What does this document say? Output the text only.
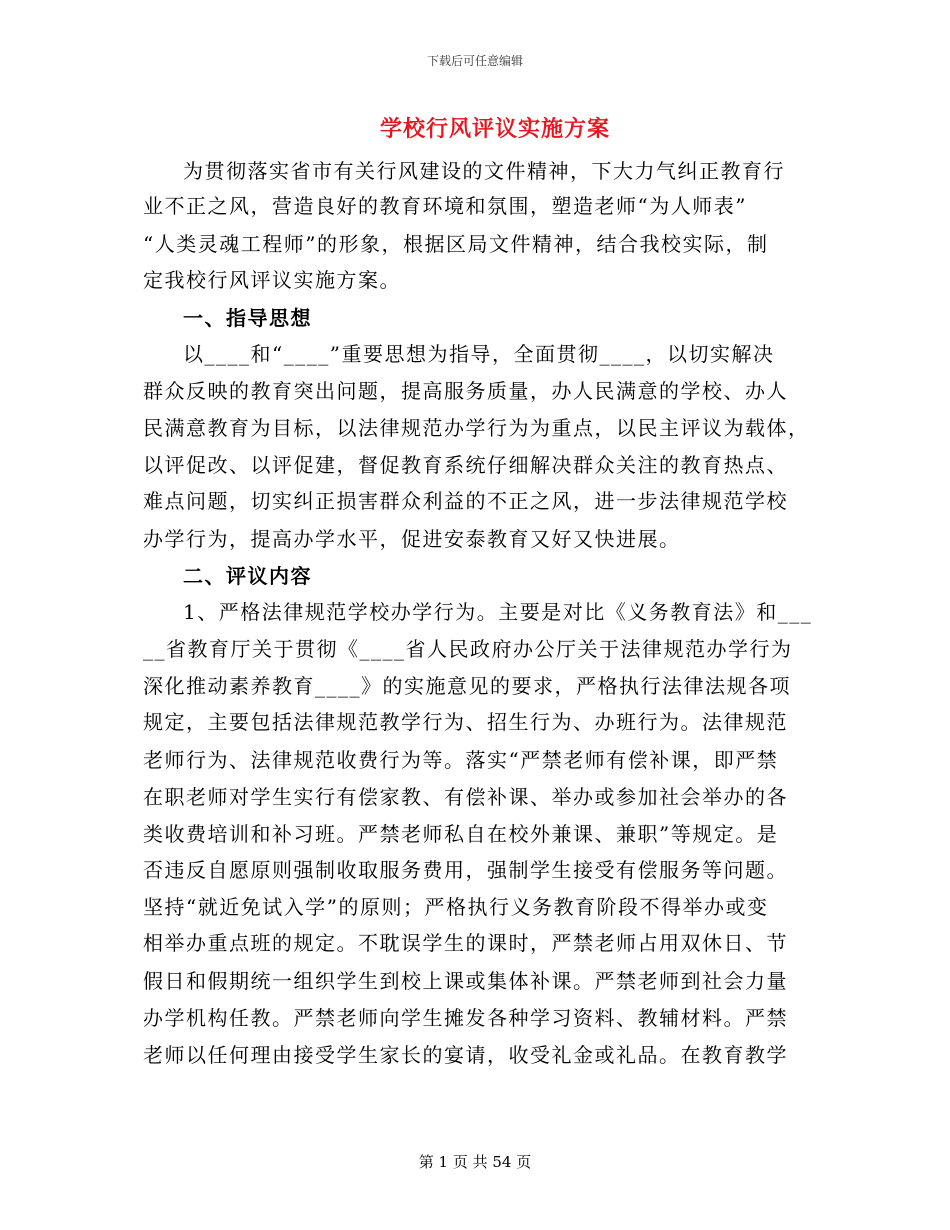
下载后可任意编辑
学校行风评议实施方案
为贯彻落实省市有关行风建设的文件精神，下大力气纠正教育行
业不正之风，营造良好的教育环境和氛围，塑造老师“为人师表”
“人类灵魂工程师”的形象，根据区局文件精神，结合我校实际，制
定我校行风评议实施方案。
一、指导思想
以____和“____”重要思想为指导，全面贯彻____，以切实解决
群众反映的教育突出问题，提高服务质量，办人民满意的学校、办人
民满意教育为目标，以法律规范办学行为为重点，以民主评议为载体，
以评促改、以评促建，督促教育系统仔细解决群众关注的教育热点、
难点问题，切实纠正损害群众利益的不正之风，进一步法律规范学校
办学行为，提高办学水平，促进安泰教育又好又快进展。
二、评议内容
1、严格法律规范学校办学行为。主要是对比《义务教育法》和___
__省教育厅关于贯彻《____省人民政府办公厅关于法律规范办学行为
深化推动素养教育____》的实施意见的要求，严格执行法律法规各项
规定，主要包括法律规范教学行为、招生行为、办班行为。法律规范
老师行为、法律规范收费行为等。落实“严禁老师有偿补课，即严禁
在职老师对学生实行有偿家教、有偿补课、举办或参加社会举办的各
类收费培训和补习班。严禁老师私自在校外兼课、兼职”等规定。是
否违反自愿原则强制收取服务费用，强制学生接受有偿服务等问题。
坚持“就近免试入学”的原则；严格执行义务教育阶段不得举办或变
相举办重点班的规定。不耽误学生的课时，严禁老师占用双休日、节
假日和假期统一组织学生到校上课或集体补课。严禁老师到社会力量
办学机构任教。严禁老师向学生摊发各种学习资料、教辅材料。严禁
老师以任何理由接受学生家长的宴请，收受礼金或礼品。在教育教学
第 1 页 共 54 页
